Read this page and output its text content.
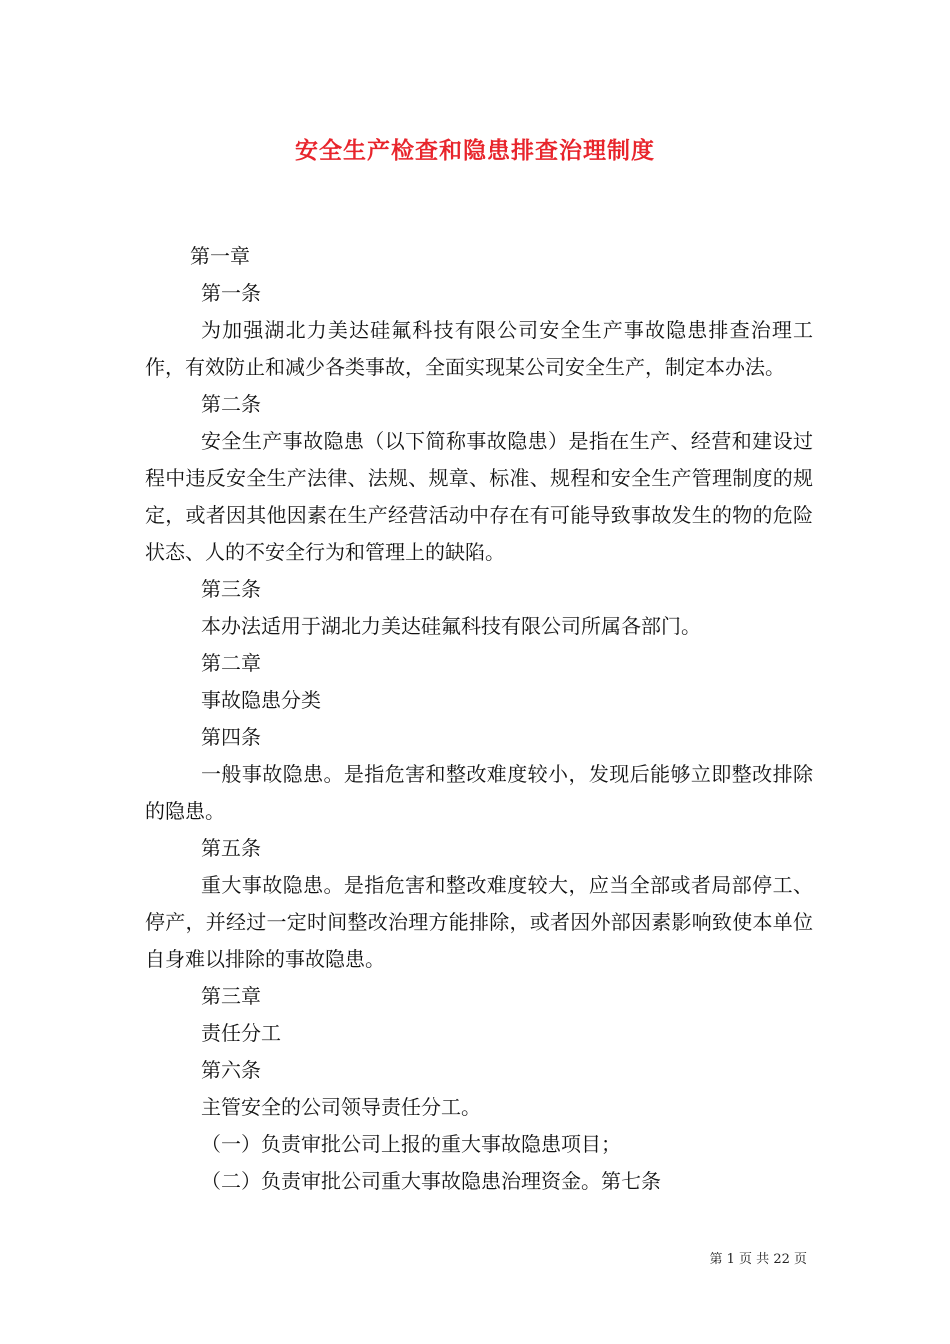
安全生产检查和隐患排查治理制度

第一章

第一条

为加强湖北力美达硅氟科技有限公司安全生产事故隐患排查治理工作，有效防止和减少各类事故，全面实现某公司安全生产，制定本办法。

第二条

安全生产事故隐患（以下简称事故隐患）是指在生产、经营和建设过程中违反安全生产法律、法规、规章、标准、规程和安全生产管理制度的规定，或者因其他因素在生产经营活动中存在有可能导致事故发生的物的危险状态、人的不安全行为和管理上的缺陷。

第三条

本办法适用于湖北力美达硅氟科技有限公司所属各部门。

第二章

事故隐患分类

第四条

一般事故隐患。是指危害和整改难度较小，发现后能够立即整改排除的隐患。

第五条

重大事故隐患。是指危害和整改难度较大，应当全部或者局部停工、停产，并经过一定时间整改治理方能排除，或者因外部因素影响致使本单位自身难以排除的事故隐患。

第三章

责任分工

第六条

主管安全的公司领导责任分工。

（一）负责审批公司上报的重大事故隐患项目；

（二）负责审批公司重大事故隐患治理资金。第七条

第 1 页 共 22 页
